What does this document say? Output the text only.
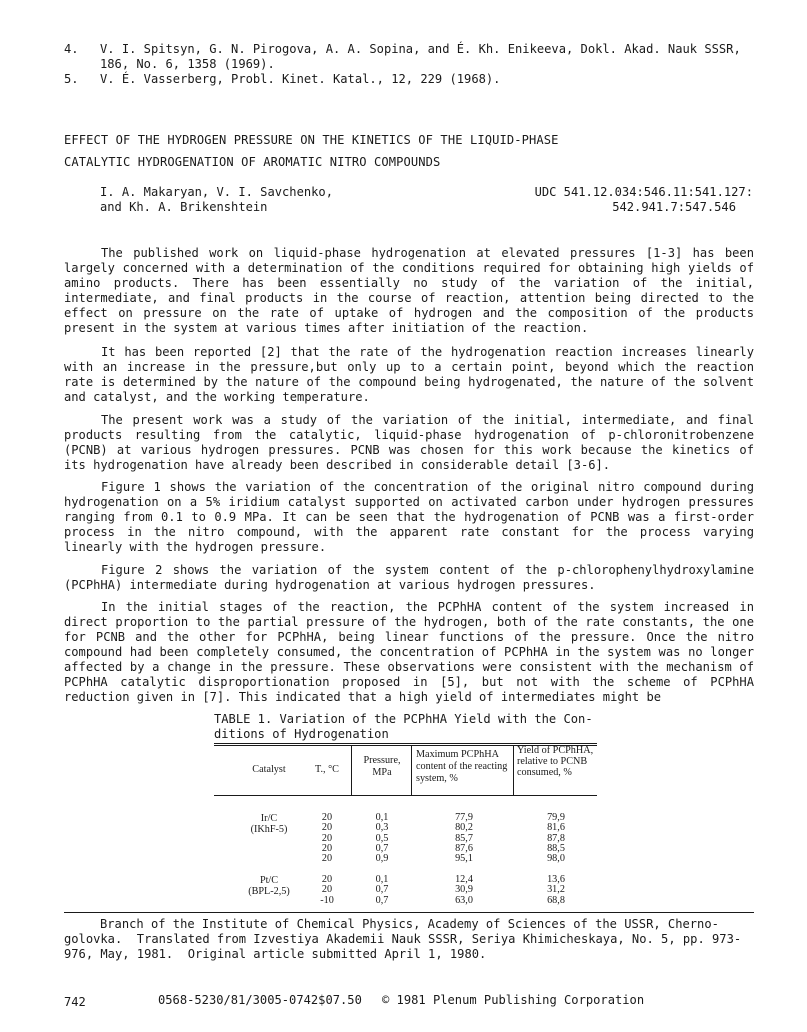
4. V. I. Spitsyn, G. N. Pirogova, A. A. Sopina, and É. Kh. Enikeeva, Dokl. Akad. Nauk SSSR,
186, No. 6, 1358 (1969).
5. V. É. Vasserberg, Probl. Kinet. Katal., 12, 229 (1968).
EFFECT OF THE HYDROGEN PRESSURE ON THE KINETICS OF THE LIQUID-PHASE
CATALYTIC HYDROGENATION OF AROMATIC NITRO COMPOUNDS
I. A. Makaryan, V. I. Savchenko,
and Kh. A. Brikenshtein
UDC 541.12.034:546.11:541.127:
542.941.7:547.546
The published work on liquid-phase hydrogenation at elevated pressures [1-3] has been largely concerned with a determination of the conditions required for obtaining high yields of amino products. There has been essentially no study of the variation of the initial, intermediate, and final products in the course of reaction, attention being directed to the effect on pressure on the rate of uptake of hydrogen and the composition of the products present in the system at various times after initiation of the reaction.
It has been reported [2] that the rate of the hydrogenation reaction increases linearly with an increase in the pressure,but only up to a certain point, beyond which the reaction rate is determined by the nature of the compound being hydrogenated, the nature of the solvent and catalyst, and the working temperature.
The present work was a study of the variation of the initial, intermediate, and final products resulting from the catalytic, liquid-phase hydrogenation of p-chloronitrobenzene (PCNB) at various hydrogen pressures. PCNB was chosen for this work because the kinetics of its hydrogenation have already been described in considerable detail [3-6].
Figure 1 shows the variation of the concentration of the original nitro compound during hydrogenation on a 5% iridium catalyst supported on activated carbon under hydrogen pressures ranging from 0.1 to 0.9 MPa. It can be seen that the hydrogenation of PCNB was a first-order process in the nitro compound, with the apparent rate constant for the process varying linearly with the hydrogen pressure.
Figure 2 shows the variation of the system content of the p-chlorophenylhydroxylamine (PCPhHA) intermediate during hydrogenation at various hydrogen pressures.
In the initial stages of the reaction, the PCPhHA content of the system increased in direct proportion to the partial pressure of the hydrogen, both of the rate constants, the one for PCNB and the other for PCPhHA, being linear functions of the pressure. Once the nitro compound had been completely consumed, the concentration of PCPhHA in the system was no longer affected by a change in the pressure. These observations were consistent with the mechanism of PCPhHA catalytic disproportionation proposed in [5], but not with the scheme of PCPhHA reduction given in [7]. This indicated that a high yield of intermediates might be
TABLE 1. Variation of the PCPhHA Yield with the Con-
ditions of Hydrogenation
Catalyst	T., °C
Pressure, MPa
Maximum PCPhHA content of the reacting system, %
Yield of PCPhHA, relative to PCNB consumed, %
Ir/C
(IKhF-5)
20
20
20
20
20
0,1
0,3
0,5
0,7
0,9
77,9
80,2
85,7
87,6
95,1
79,9
81,6
87,8
88,5
98,0
Pt/C
(BPL-2,5)
20
20
-10
0,1
0,7
0,7
12,4
30,9
63,0
13,6
31,2
68,8
Branch of the Institute of Chemical Physics, Academy of Sciences of the USSR, Cherno-
golovka.  Translated from Izvestiya Akademii Nauk SSSR, Seriya Khimicheskaya, No. 5, pp. 973-
976, May, 1981.  Original article submitted April 1, 1980.
742	0568-5230/81/3005-0742$07.50 © 1981 Plenum Publishing Corporation
